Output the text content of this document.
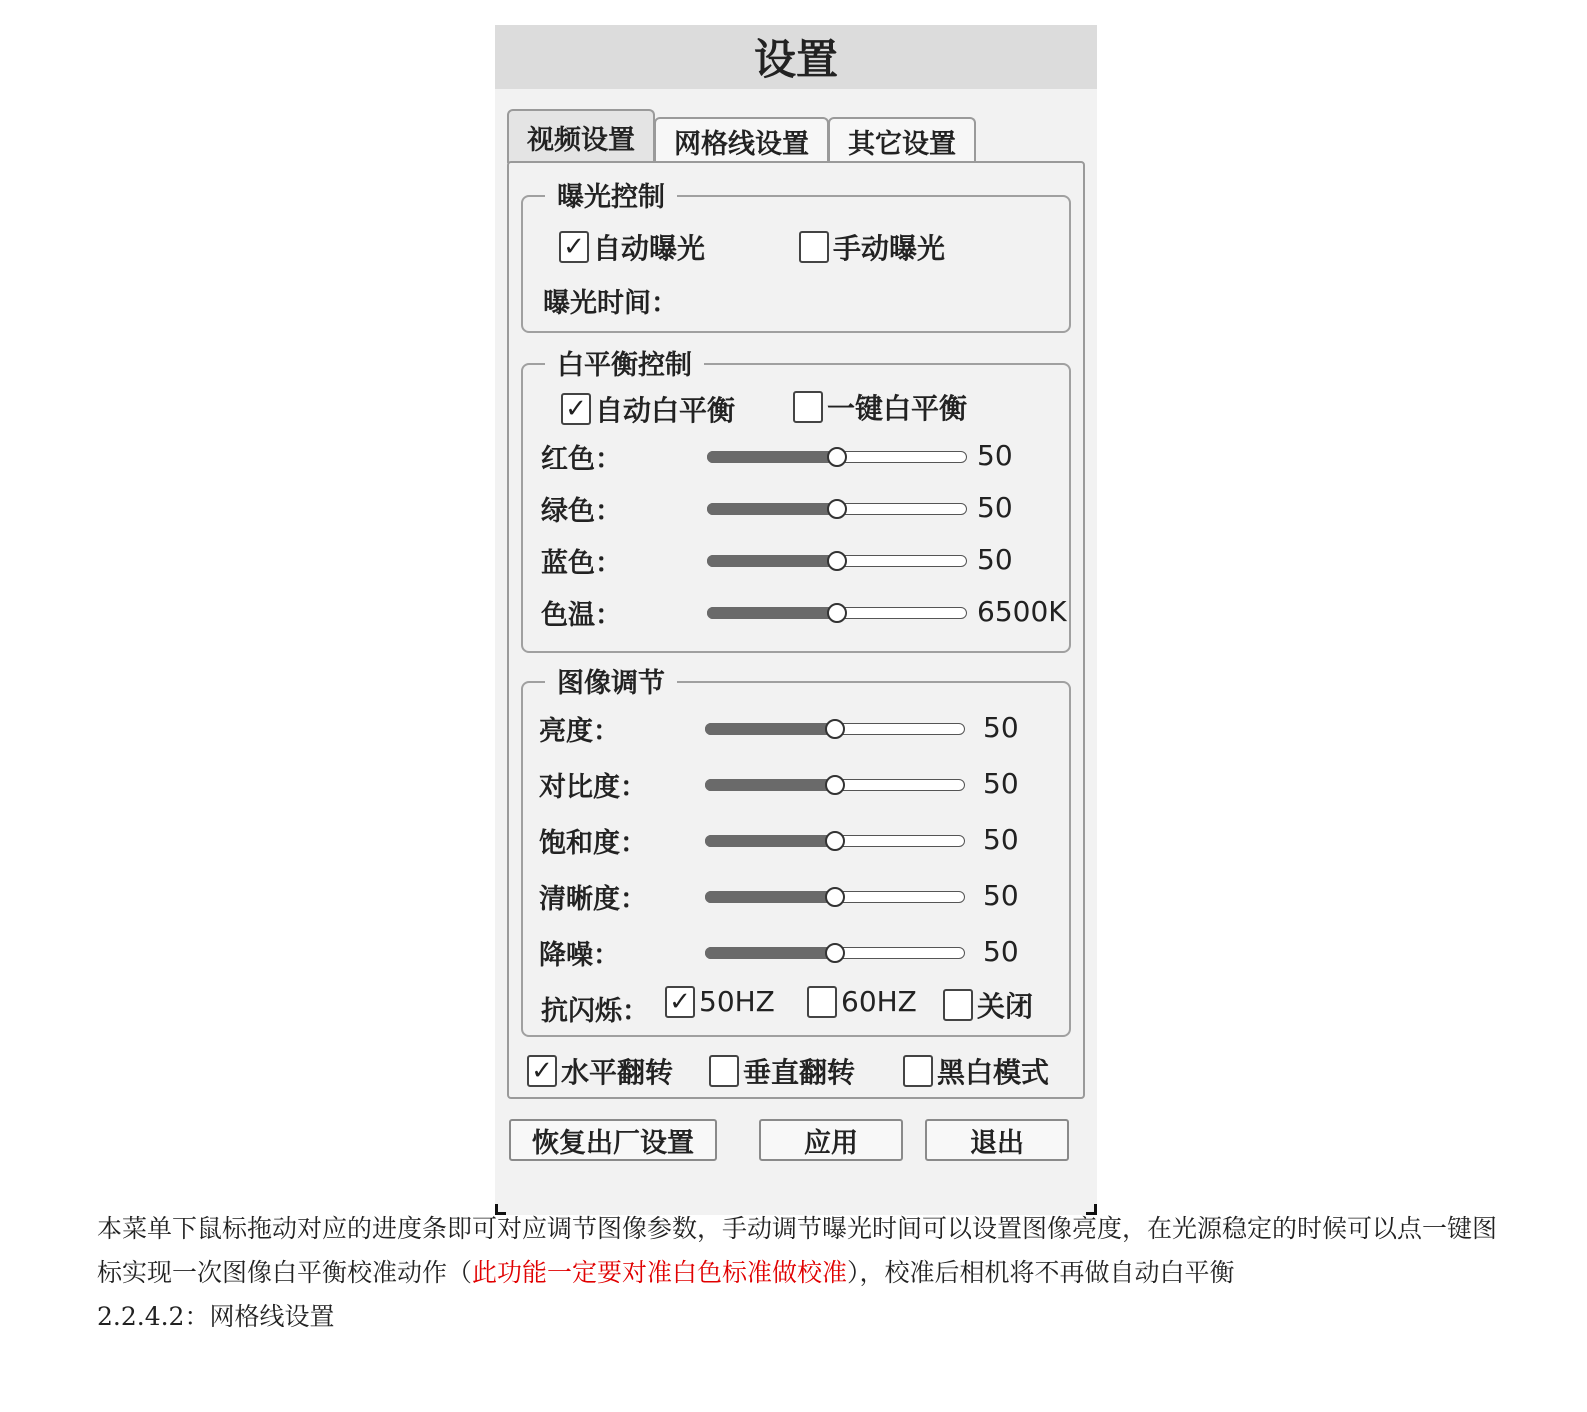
设置
视频设置	网格线设置	其它设置
曝光控制
✓ 自动曝光	手动曝光
曝光时间：
白平衡控制
✓ 自动白平衡	一键白平衡
红色：	50
绿色：	50
蓝色：	50
色温：	6500K
图像调节
亮度：	50
对比度：	50
饱和度：	50
清晰度：	50
降噪：	50
抗闪烁： ✓ 50HZ 60HZ 关闭
✓ 水平翻转 垂直翻转	黑白模式
恢复出厂设置	应用	退出

本菜单下鼠标拖动对应的进度条即可对应调节图像参数，手动调节曝光时间可以设置图像亮度，在光源稳定的时候可以点一键图标实现一次图像白平衡校准动作（此功能一定要对准白色标准做校准），校准后相机将不再做自动白平衡

2.2.4.2：网格线设置
